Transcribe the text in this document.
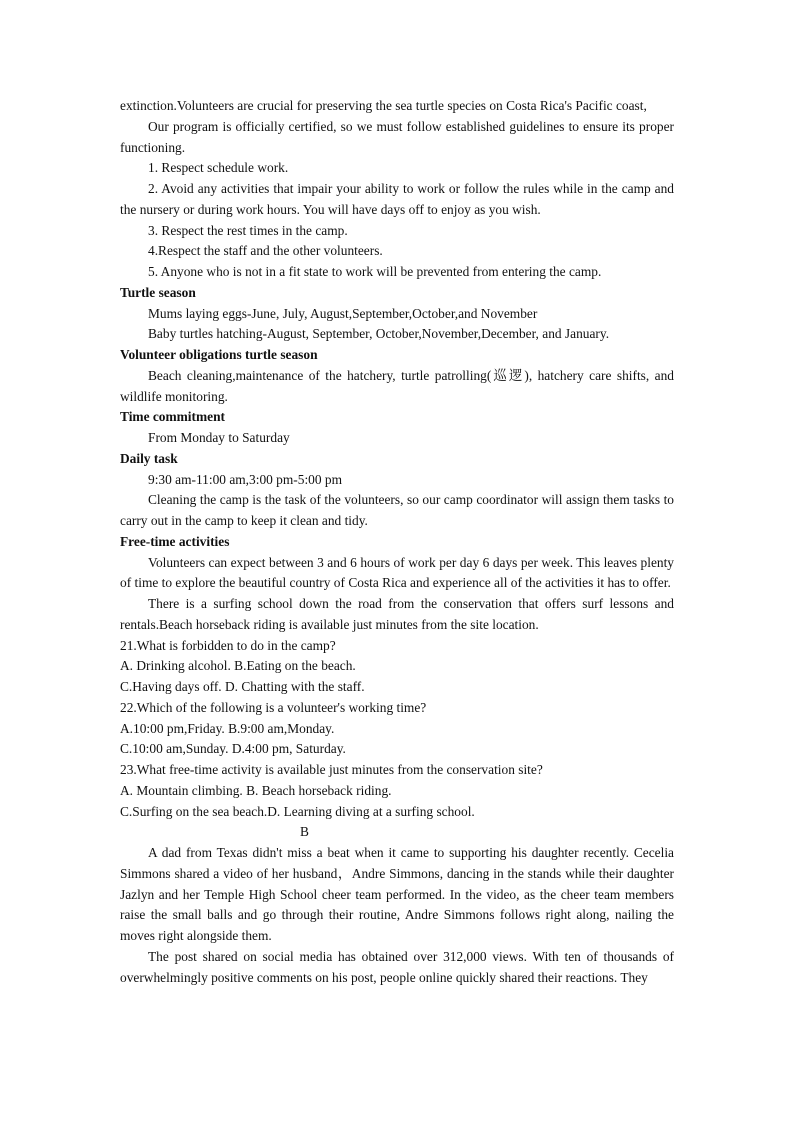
extinction.Volunteers are crucial for preserving the sea turtle species on Costa Rica's Pacific coast,

Our program is officially certified, so we must follow established guidelines to ensure its proper functioning.

1. Respect schedule work.

2. Avoid any activities that impair your ability to work or follow the rules while in the camp and the nursery or during work hours. You will have days off to enjoy as you wish.

3. Respect the rest times in the camp.

4.Respect the staff and the other volunteers.

5. Anyone who is not in a fit state to work will be prevented from entering the camp.

Turtle season

Mums laying eggs-June, July, August,September,October,and November

Baby turtles hatching-August, September, October,November,December, and January.

Volunteer obligations turtle season

Beach cleaning,maintenance of the hatchery, turtle patrolling(巡逻), hatchery care shifts, and wildlife monitoring.

Time commitment

From Monday to Saturday

Daily task

9:30 am-11:00 am,3:00 pm-5:00 pm

Cleaning the camp is the task of the volunteers, so our camp coordinator will assign them tasks to carry out in the camp to keep it clean and tidy.

Free-time activities

Volunteers can expect between 3 and 6 hours of work per day 6 days per week. This leaves plenty of time to explore the beautiful country of Costa Rica and experience all of the activities it has to offer.

There is a surfing school down the road from the conservation that offers surf lessons and rentals.Beach horseback riding is available just minutes from the site location.

21.What is forbidden to do in the camp?

A. Drinking alcohol. B.Eating on the beach.

C.Having days off. D. Chatting with the staff.

22.Which of the following is a volunteer's working time?

A.10:00 pm,Friday. B.9:00 am,Monday.

C.10:00 am,Sunday. D.4:00 pm, Saturday.

23.What free-time activity is available just minutes from the conservation site?

A. Mountain climbing. B. Beach horseback riding.

C.Surfing on the sea beach.D. Learning diving at a surfing school.

B

A dad from Texas didn't miss a beat when it came to supporting his daughter recently. Cecelia Simmons shared a video of her husband，Andre Simmons, dancing in the stands while their daughter Jazlyn and her Temple High School cheer team performed. In the video, as the cheer team members raise the small balls and go through their routine, Andre Simmons follows right along, nailing the moves right alongside them.

The post shared on social media has obtained over 312,000 views. With ten of thousands of overwhelmingly positive comments on his post, people online quickly shared their reactions. They
